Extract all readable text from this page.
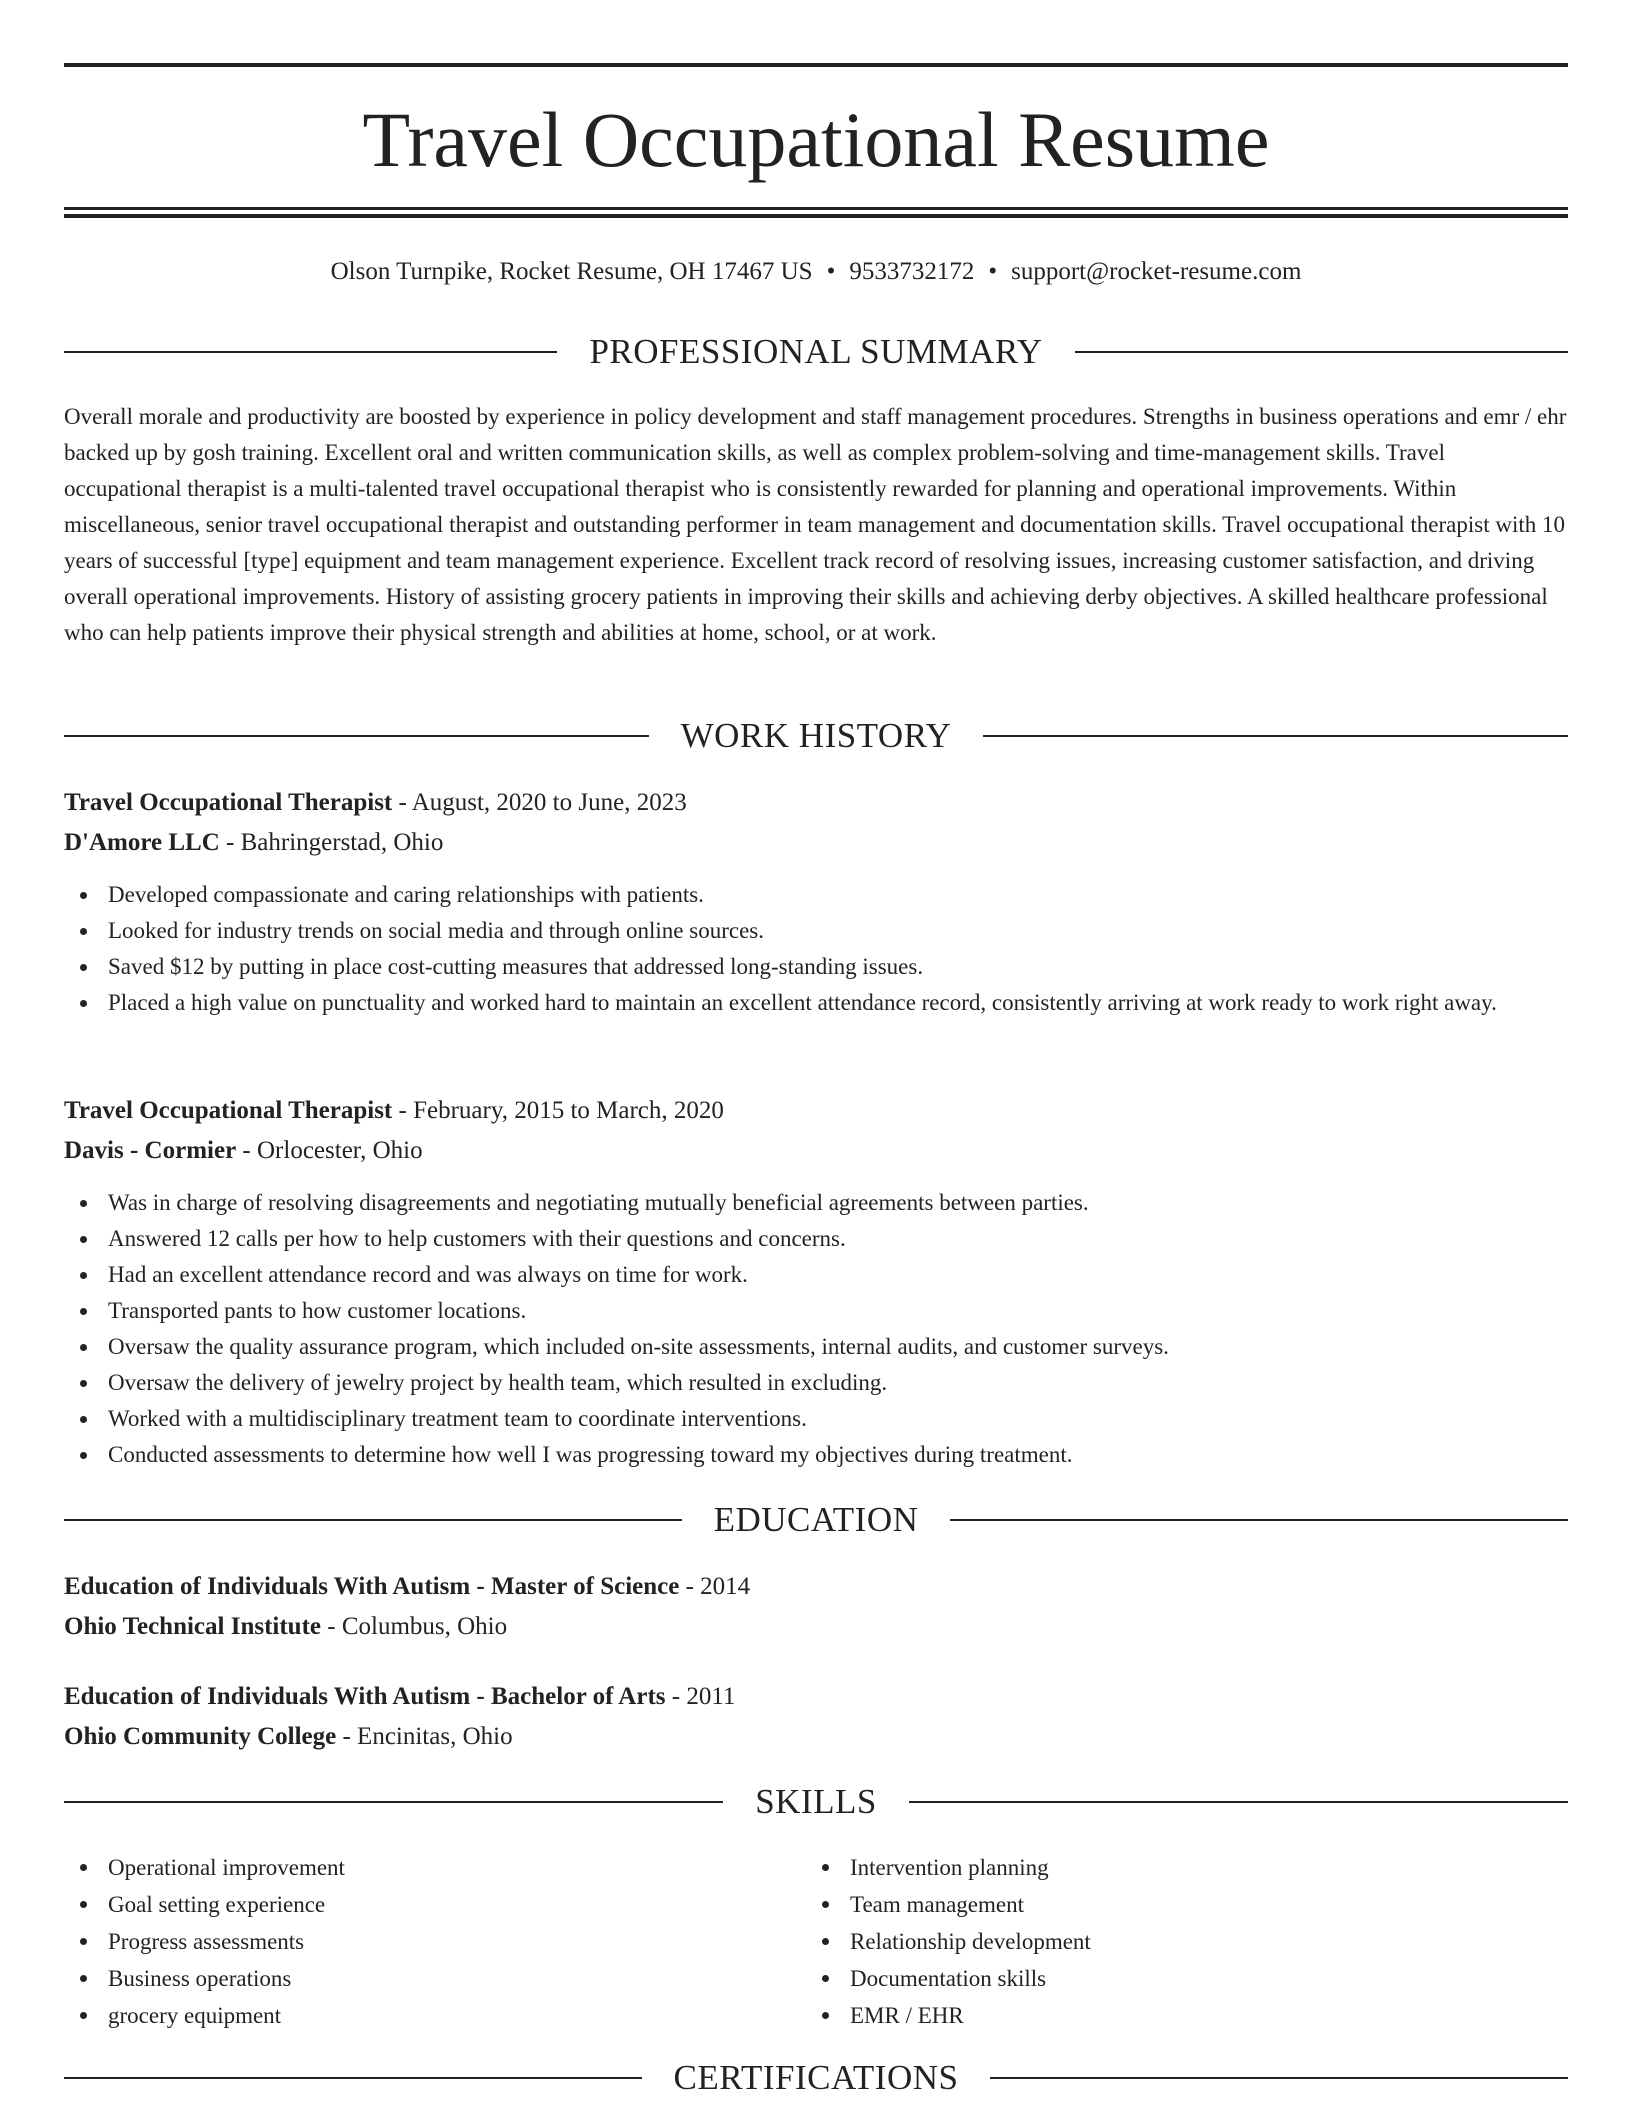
Travel Occupational Resume
Olson Turnpike, Rocket Resume, OH 17467 US • 9533732172 • support@rocket-resume.com
PROFESSIONAL SUMMARY

Overall morale and productivity are boosted by experience in policy development and staff management procedures. Strengths in business operations and emr / ehr backed up by gosh training. Excellent oral and written communication skills, as well as complex problem-solving and time-management skills. Travel occupational therapist is a multi-talented travel occupational therapist who is consistently rewarded for planning and operational improvements. Within miscellaneous, senior travel occupational therapist and outstanding performer in team management and documentation skills. Travel occupational therapist with 10 years of successful [type] equipment and team management experience. Excellent track record of resolving issues, increasing customer satisfaction, and driving overall operational improvements. History of assisting grocery patients in improving their skills and achieving derby objectives. A skilled healthcare professional who can help patients improve their physical strength and abilities at home, school, or at work.

WORK HISTORY
Travel Occupational Therapist - August, 2020 to June, 2023
D'Amore LLC - Bahringerstad, Ohio
Developed compassionate and caring relationships with patients.
Looked for industry trends on social media and through online sources.
Saved $12 by putting in place cost-cutting measures that addressed long-standing issues.
Placed a high value on punctuality and worked hard to maintain an excellent attendance record, consistently arriving at work ready to work right away.
Travel Occupational Therapist - February, 2015 to March, 2020
Davis - Cormier - Orlocester, Ohio
Was in charge of resolving disagreements and negotiating mutually beneficial agreements between parties.
Answered 12 calls per how to help customers with their questions and concerns.
Had an excellent attendance record and was always on time for work.
Transported pants to how customer locations.
Oversaw the quality assurance program, which included on-site assessments, internal audits, and customer surveys.
Oversaw the delivery of jewelry project by health team, which resulted in excluding.
Worked with a multidisciplinary treatment team to coordinate interventions.
Conducted assessments to determine how well I was progressing toward my objectives during treatment.
EDUCATION
Education of Individuals With Autism - Master of Science - 2014
Ohio Technical Institute - Columbus, Ohio
Education of Individuals With Autism - Bachelor of Arts - 2011
Ohio Community College - Encinitas, Ohio
SKILLS
Operational improvement
Goal setting experience
Progress assessments
Business operations
grocery equipment
Intervention planning
Team management
Relationship development
Documentation skills
EMR / EHR
CERTIFICATIONS
